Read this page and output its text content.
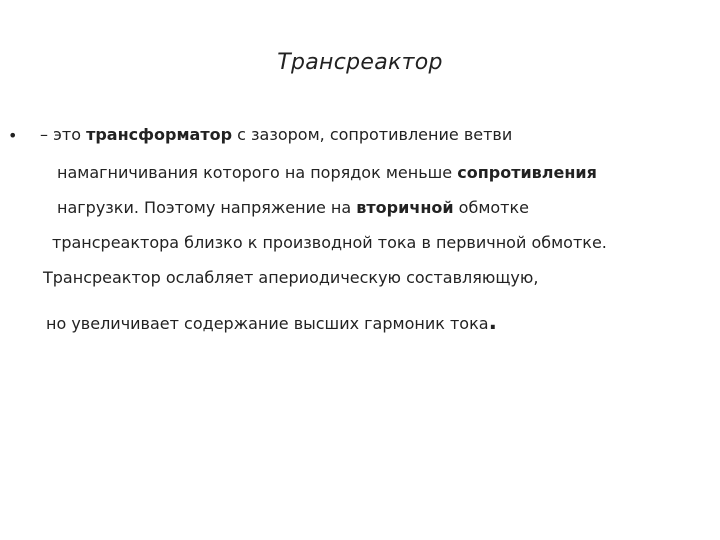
Трансреактор
• – это трансформатор с зазором, сопротивление ветви
намагничивания которого на порядок меньше сопротивления
нагрузки. Поэтому напряжение на вторичной обмотке
трансреактора близко к производной тока в первичной обмотке.
Трансреактор ослабляет апериодическую составляющую,
но увеличивает содержание высших гармоник тока.
